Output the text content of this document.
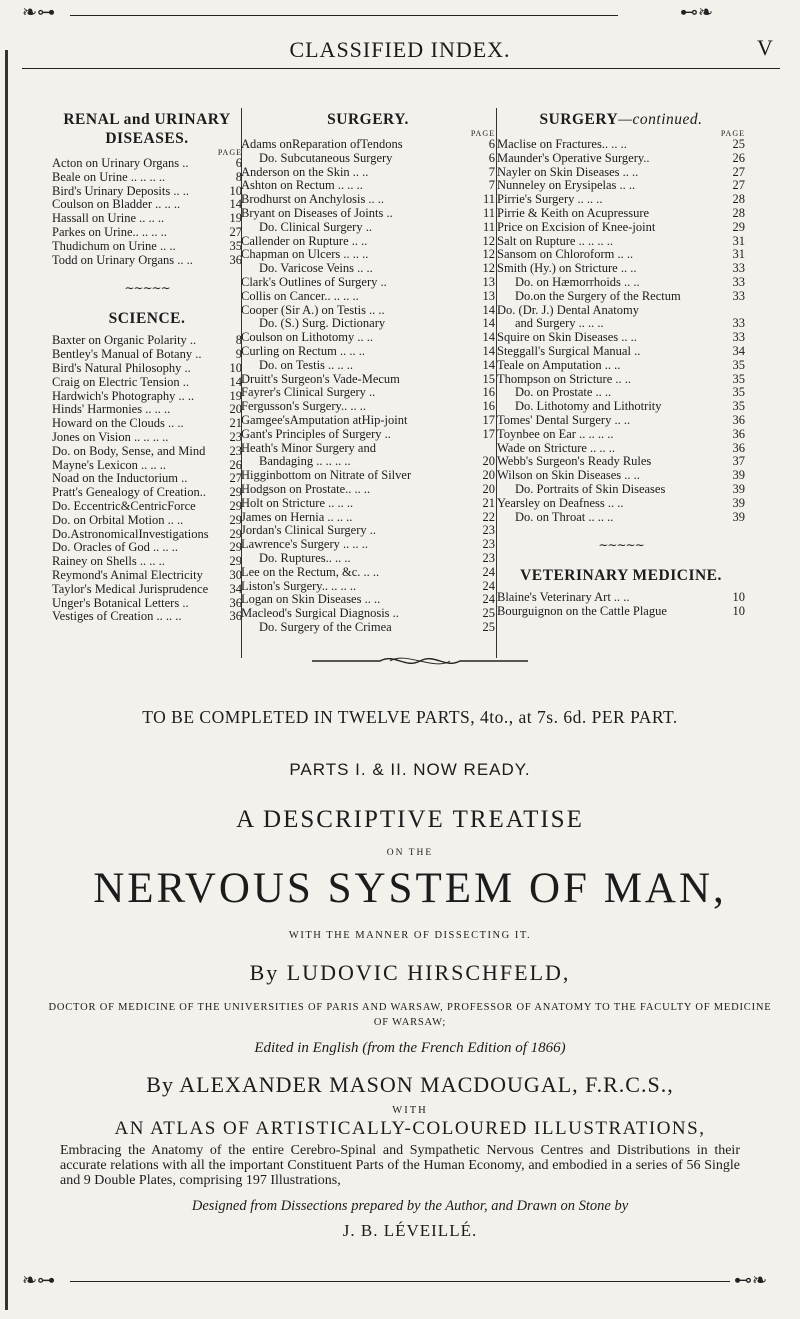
❧⊶	⊷❧
CLASSIFIED INDEX.	V
RENAL and URINARY
DISEASES.
PAGE
Acton on Urinary Organs ..	6
Beale on Urine .. .. .. ..	8
Bird's Urinary Deposits .. ..	10
Coulson on Bladder .. .. ..	14
Hassall on Urine .. .. ..	19
Parkes on Urine.. .. .. ..	27
Thudichum on Urine .. ..	35
Todd on Urinary Organs .. ..	36
∼∼∼∼∼
SCIENCE.
Baxter on Organic Polarity ..	8
Bentley's Manual of Botany ..	9
Bird's Natural Philosophy ..	10
Craig on Electric Tension ..	14
Hardwich's Photography .. ..	19
Hinds' Harmonies .. .. ..	20
Howard on the Clouds .. ..	21
Jones on Vision .. .. .. ..	23
Do. on Body, Sense, and Mind	23
Mayne's Lexicon .. .. ..	26
Noad on the Inductorium ..	27
Pratt's Genealogy of Creation..	29
Do. Eccentric&CentricForce	29
Do. on Orbital Motion .. ..	29
Do.AstronomicalInvestigations	29
Do. Oracles of God .. .. ..	29
Rainey on Shells .. .. ..	29
Reymond's Animal Electricity	30
Taylor's Medical Jurisprudence	34
Unger's Botanical Letters ..	36
Vestiges of Creation .. .. ..	36
SURGERY.
PAGE
Adams onReparation ofTendons	6
Do. Subcutaneous Surgery	6
Anderson on the Skin .. ..	7
Ashton on Rectum .. .. ..	7
Brodhurst on Anchylosis .. ..	11
Bryant on Diseases of Joints ..	11
Do. Clinical Surgery ..	11
Callender on Rupture .. ..	12
Chapman on Ulcers .. .. ..	12
Do. Varicose Veins .. ..	12
Clark's Outlines of Surgery ..	13
Collis on Cancer.. .. .. ..	13
Cooper (Sir A.) on Testis .. ..	14
Do. (S.) Surg. Dictionary	14
Coulson on Lithotomy .. ..	14
Curling on Rectum .. .. ..	14
Do. on Testis .. .. ..	14
Druitt's Surgeon's Vade-Mecum	15
Fayrer's Clinical Surgery ..	16
Fergusson's Surgery.. .. ..	16
Gamgee'sAmputation atHip-joint	17
Gant's Principles of Surgery ..	17
Heath's Minor Surgery and
Bandaging .. .. .. ..	20
Higginbottom on Nitrate of Silver	20
Hodgson on Prostate.. .. ..	20
Holt on Stricture .. .. ..	21
James on Hernia .. .. ..	22
Jordan's Clinical Surgery ..	23
Lawrence's Surgery .. .. ..	23
Do. Ruptures.. .. ..	23
Lee on the Rectum, &c. .. ..	24
Liston's Surgery.. .. .. ..	24
Logan on Skin Diseases .. ..	24
Macleod's Surgical Diagnosis ..	25
Do. Surgery of the Crimea	25
SURGERY—continued.
PAGE
Maclise on Fractures.. .. ..	25
Maunder's Operative Surgery..	26
Nayler on Skin Diseases .. ..	27
Nunneley on Erysipelas .. ..	27
Pirrie's Surgery .. .. ..	28
Pirrie & Keith on Acupressure	28
Price on Excision of Knee-joint	29
Salt on Rupture .. .. .. ..	31
Sansom on Chloroform .. ..	31
Smith (Hy.) on Stricture .. ..	33
Do. on Hæmorrhoids .. ..	33
Do.on the Surgery of the Rectum	33
Do. (Dr. J.) Dental Anatomy
and Surgery .. .. ..	33
Squire on Skin Diseases .. ..	33
Steggall's Surgical Manual ..	34
Teale on Amputation .. ..	35
Thompson on Stricture .. ..	35
Do. on Prostate .. ..	35
Do. Lithotomy and Lithotrity	35
Tomes' Dental Surgery .. ..	36
Toynbee on Ear .. .. .. ..	36
Wade on Stricture .. .. ..	36
Webb's Surgeon's Ready Rules	37
Wilson on Skin Diseases .. ..	39
Do. Portraits of Skin Diseases	39
Yearsley on Deafness .. ..	39
Do. on Throat .. .. ..	39
∼∼∼∼∼
VETERINARY MEDICINE.
Blaine's Veterinary Art .. ..	10
Bourguignon on the Cattle Plague	10
TO BE COMPLETED IN TWELVE PARTS, 4to., at 7s. 6d. PER PART.
PARTS I. & II. NOW READY.
A DESCRIPTIVE TREATISE
ON THE
NERVOUS SYSTEM OF MAN,
WITH THE MANNER OF DISSECTING IT.
By LUDOVIC HIRSCHFELD,
DOCTOR OF MEDICINE OF THE UNIVERSITIES OF PARIS AND WARSAW, PROFESSOR OF ANATOMY TO THE FACULTY OF MEDICINE OF WARSAW;
Edited in English (from the French Edition of 1866)
By ALEXANDER MASON MACDOUGAL, F.R.C.S.,
WITH
AN ATLAS OF ARTISTICALLY-COLOURED ILLUSTRATIONS,
Embracing the Anatomy of the entire Cerebro-Spinal and Sympathetic Nervous Centres and Distributions in their accurate relations with all the important Constituent Parts of the Human Economy, and embodied in a series of 56 Single and 9 Double Plates, comprising 197 Illustrations,
Designed from Dissections prepared by the Author, and Drawn on Stone by
J. B. LÉVEILLÉ.
❧⊶	⊷❧
